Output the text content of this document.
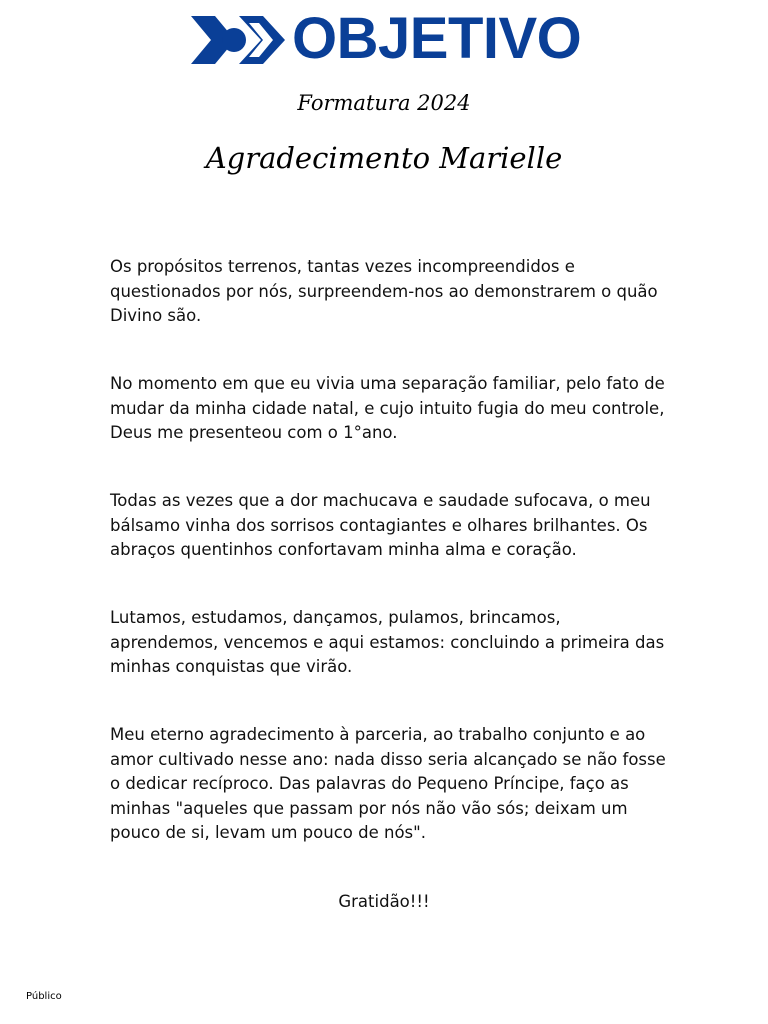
OBJETIVO
Formatura 2024
Agradecimento Marielle

Os propósitos terrenos, tantas vezes incompreendidos e questionados por nós, surpreendem-nos ao demonstrarem o quão Divino são.

No momento em que eu vivia uma separação familiar, pelo fato de mudar da minha cidade natal, e cujo intuito fugia do meu controle, Deus me presenteou com o 1°ano.

Todas as vezes que a dor machucava e saudade sufocava, o meu bálsamo vinha dos sorrisos contagiantes e olhares brilhantes. Os abraços quentinhos confortavam minha alma e coração.

Lutamos, estudamos, dançamos, pulamos, brincamos, aprendemos, vencemos e aqui estamos: concluindo a primeira das minhas conquistas que virão.

Meu eterno agradecimento à parceria, ao trabalho conjunto e ao amor cultivado nesse ano: nada disso seria alcançado se não fosse o dedicar recíproco. Das palavras do Pequeno Príncipe, faço as minhas "aqueles que passam por nós não vão sós; deixam um pouco de si, levam um pouco de nós".

Gratidão!!!
Público
